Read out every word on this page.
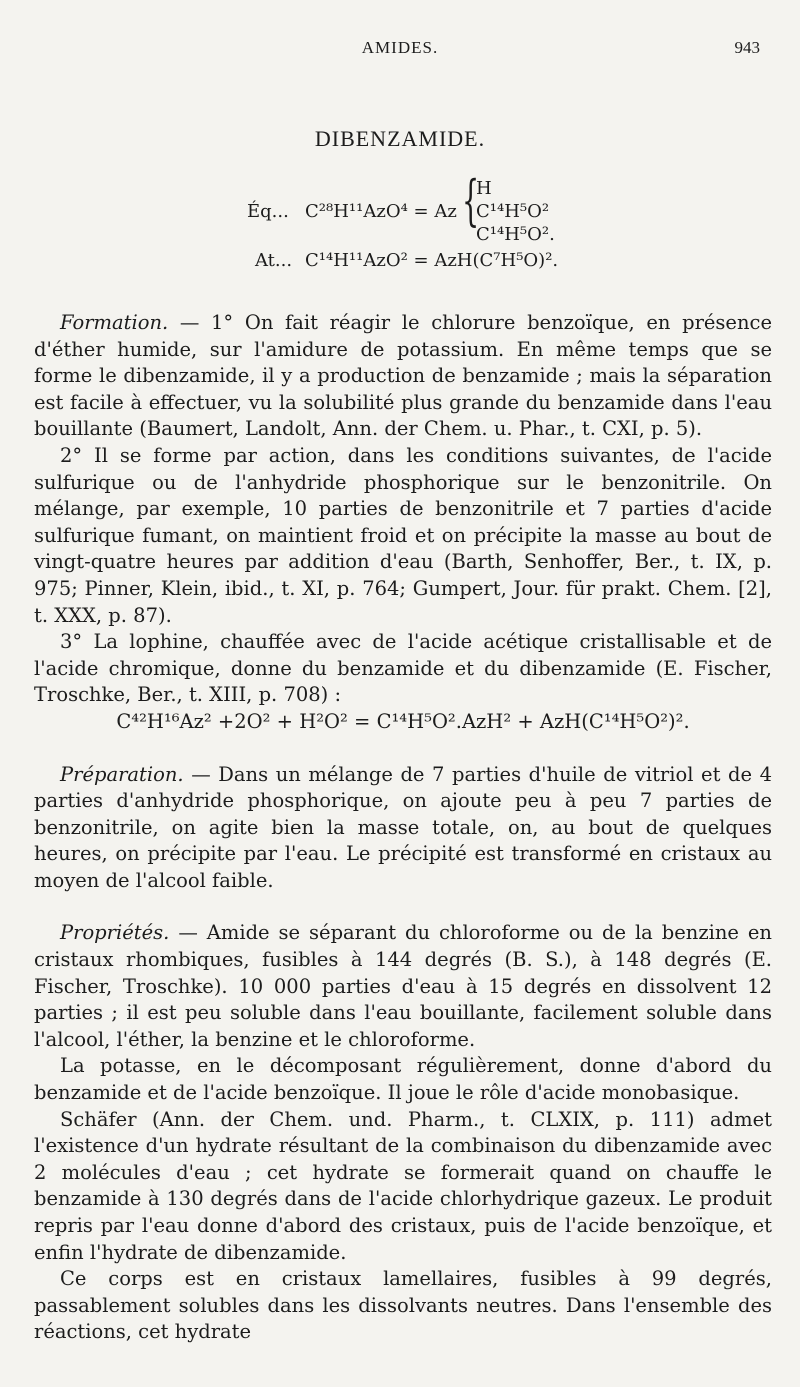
AMIDES.	943
DIBENZAMIDE.
H
Éq... C²⁸H¹¹AzO⁴ = Az {
C¹⁴H⁵O²
C¹⁴H⁵O².
At... C¹⁴H¹¹AzO² = AzH(C⁷H⁵O)².

Formation. — 1° On fait réagir le chlorure benzoïque, en présence d'éther humide, sur l'amidure de potassium. En même temps que se forme le dibenzamide, il y a production de benzamide ; mais la séparation est facile à effectuer, vu la solubilité plus grande du benzamide dans l'eau bouillante (Baumert, Landolt, Ann. der Chem. u. Phar., t. CXI, p. 5).

2° Il se forme par action, dans les conditions suivantes, de l'acide sulfurique ou de l'anhydride phosphorique sur le benzonitrile. On mélange, par exemple, 10 parties de benzonitrile et 7 parties d'acide sulfurique fumant, on maintient froid et on précipite la masse au bout de vingt-quatre heures par addition d'eau (Barth, Senhoffer, Ber., t. IX, p. 975; Pinner, Klein, ibid., t. XI, p. 764; Gumpert, Jour. für prakt. Chem. [2], t. XXX, p. 87).

3° La lophine, chauffée avec de l'acide acétique cristallisable et de l'acide chromique, donne du benzamide et du dibenzamide (E. Fischer, Troschke, Ber., t. XIII, p. 708) :

C⁴²H¹⁶Az² +2O² + H²O² = C¹⁴H⁵O².AzH² + AzH(C¹⁴H⁵O²)².

Préparation. — Dans un mélange de 7 parties d'huile de vitriol et de 4 parties d'anhydride phosphorique, on ajoute peu à peu 7 parties de benzonitrile, on agite bien la masse totale, on, au bout de quelques heures, on précipite par l'eau. Le précipité est transformé en cristaux au moyen de l'alcool faible.

Propriétés. — Amide se séparant du chloroforme ou de la benzine en cristaux rhombiques, fusibles à 144 degrés (B. S.), à 148 degrés (E. Fischer, Troschke). 10 000 parties d'eau à 15 degrés en dissolvent 12 parties ; il est peu soluble dans l'eau bouillante, facilement soluble dans l'alcool, l'éther, la benzine et le chloroforme.

La potasse, en le décomposant régulièrement, donne d'abord du benzamide et de l'acide benzoïque. Il joue le rôle d'acide monobasique.

Schäfer (Ann. der Chem. und. Pharm., t. CLXIX, p. 111) admet l'existence d'un hydrate résultant de la combinaison du dibenzamide avec 2 molécules d'eau ; cet hydrate se formerait quand on chauffe le benzamide à 130 degrés dans de l'acide chlorhydrique gazeux. Le produit repris par l'eau donne d'abord des cristaux, puis de l'acide benzoïque, et enfin l'hydrate de dibenzamide.

Ce corps est en cristaux lamellaires, fusibles à 99 degrés, passablement solubles dans les dissolvants neutres. Dans l'ensemble des réactions, cet hydrate
